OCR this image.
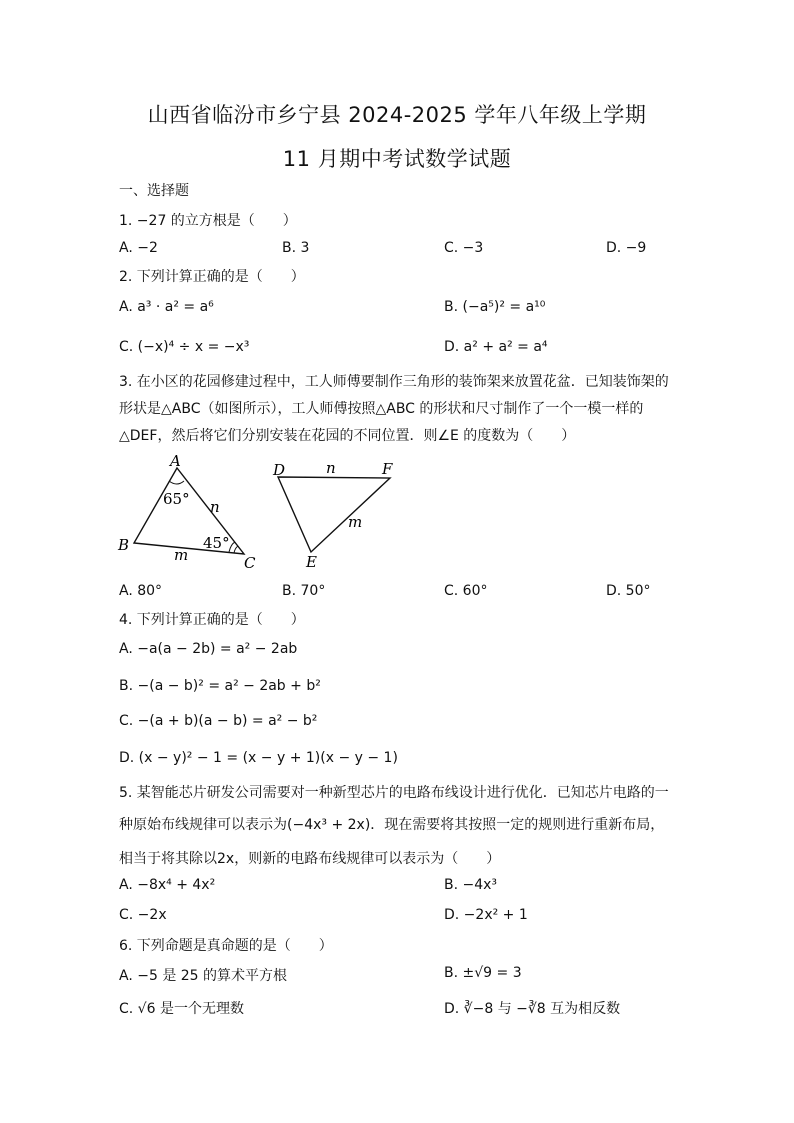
山西省临汾市乡宁县 2024-2025 学年八年级上学期
11 月期中考试数学试题
一、选择题
1. −27 的立方根是（　　）
A. −2	B. 3	C. −3	D. −9
2. 下列计算正确的是（　　）
A. a³ · a² = a⁶	B. (−a⁵)² = a¹⁰
C. (−x)⁴ ÷ x = −x³	D. a² + a² = a⁴
3. 在小区的花园修建过程中，工人师傅要制作三角形的装饰架来放置花盆．已知装饰架的
形状是△ABC（如图所示），工人师傅按照△ABC 的形状和尺寸制作了一个一模一样的
△DEF，然后将它们分别安装在花园的不同位置．则∠E 的度数为（　　）
A
B
C
65°
45°
n
m
D	F
E
n
m
A. 80°	B. 70°	C. 60°	D. 50°
4. 下列计算正确的是（　　）
A. −a(a − 2b) = a² − 2ab
B. −(a − b)² = a² − 2ab + b²
C. −(a + b)(a − b) = a² − b²
D. (x − y)² − 1 = (x − y + 1)(x − y − 1)
5. 某智能芯片研发公司需要对一种新型芯片的电路布线设计进行优化．已知芯片电路的一
种原始布线规律可以表示为(−4x³ + 2x)．现在需要将其按照一定的规则进行重新布局，
相当于将其除以2x，则新的电路布线规律可以表示为（　　）
A. −8x⁴ + 4x²	B. −4x³
C. −2x	D. −2x² + 1
6. 下列命题是真命题的是（　　）
A. −5 是 25 的算术平方根	B. ±√9 = 3
C. √6 是一个无理数	D. ∛−8 与 −∛8 互为相反数
